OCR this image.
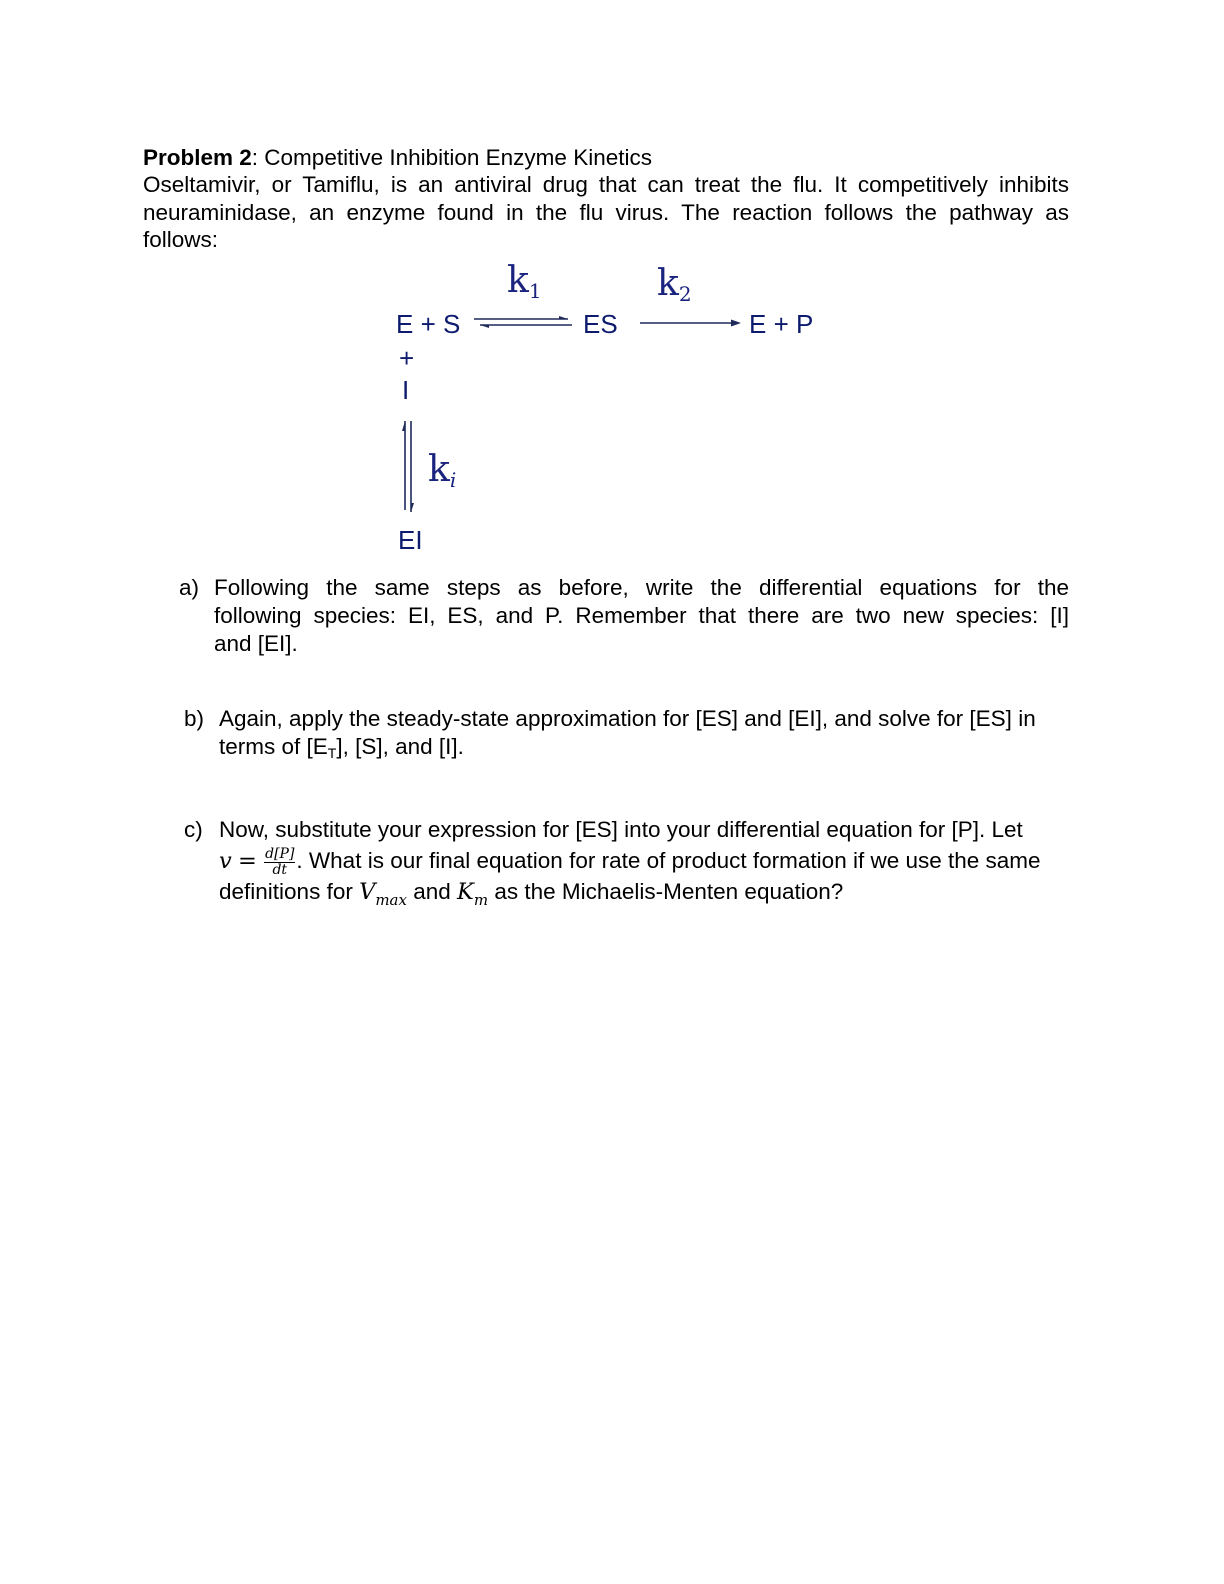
Problem 2: Competitive Inhibition Enzyme Kinetics
Oseltamivir, or Tamiflu, is an antiviral drug that can treat the flu. It competitively inhibits
neuraminidase, an enzyme found in the flu virus. The reaction follows the pathway as
follows:
$k_1$	$k_2$
E + S	ES	E + P
+
I
$k_i$
EI
a) Following the same steps as before, write the differential equations for the
following species: EI, ES, and P. Remember that there are two new species: [I]
and [EI].
b) Again, apply the steady-state approximation for [ES] and [EI], and solve for [ES] in
terms of [ET], [S], and [I].
c) Now, substitute your expression for [ES] into your differential equation for [P]. Let
$v = \frac{d[P]}{dt}$ . What is our final equation for rate of product formation if we use the same
definitions for $V_{max}$ and $K_m$ as the Michaelis-Menten equation?
